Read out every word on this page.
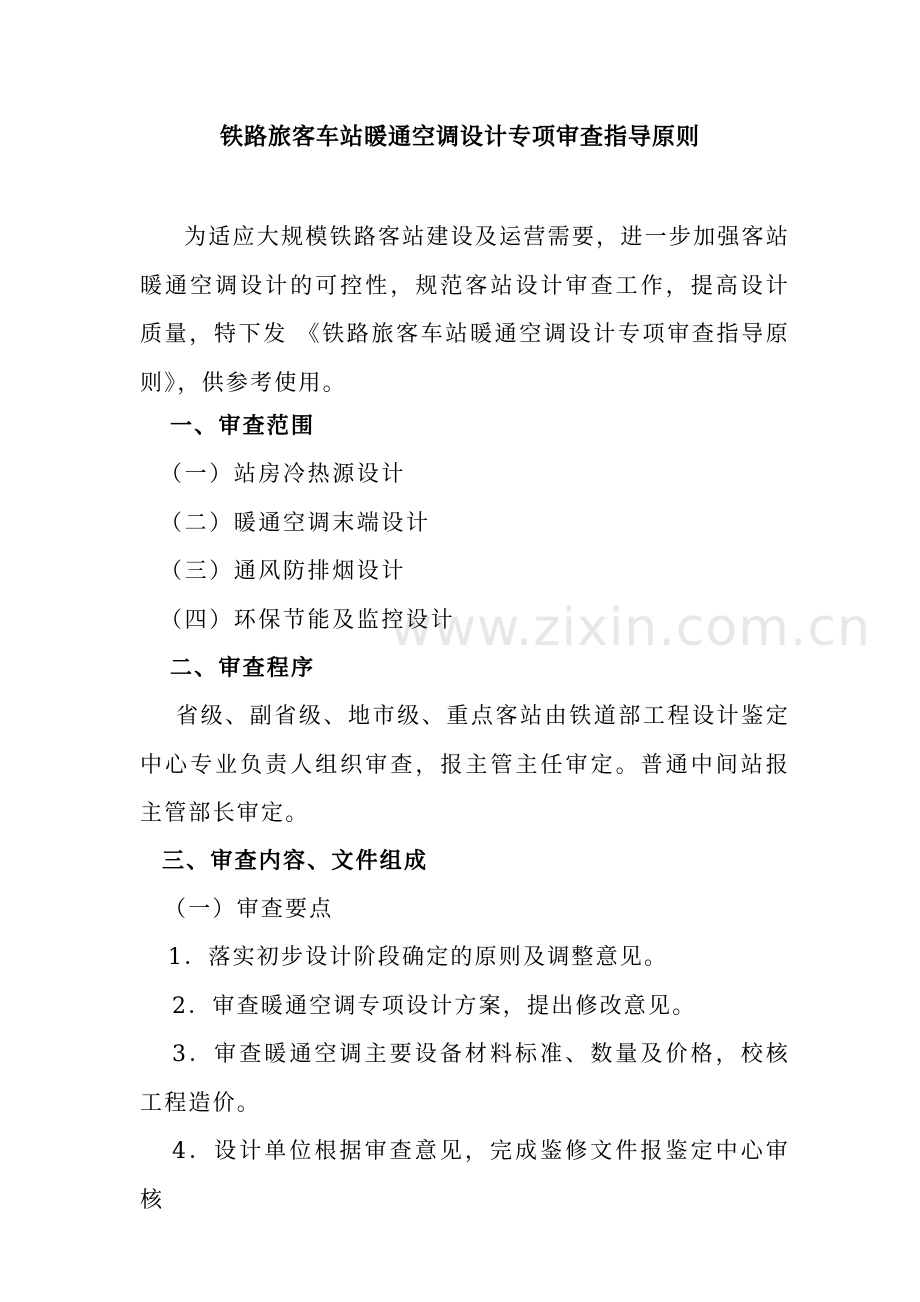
铁路旅客车站暖通空调设计专项审查指导原则

为适应大规模铁路客站建设及运营需要，进一步加强客站暖通空调设计的可控性，规范客站设计审查工作，提高设计质量，特下发 《铁路旅客车站暖通空调设计专项审查指导原则》，供参考使用。

一、审查范围

（一）站房冷热源设计

（二）暖通空调末端设计

（三）通风防排烟设计

（四）环保节能及监控设计

二、审查程序

省级、副省级、地市级、重点客站由铁道部工程设计鉴定中心专业负责人组织审查，报主管主任审定。普通中间站报主管部长审定。

三、审查内容、文件组成

（一）审查要点

1．落实初步设计阶段确定的原则及调整意见。

2．审查暖通空调专项设计方案，提出修改意见。

3．审查暖通空调主要设备材料标准、数量及价格，校核工程造价。

4．设计单位根据审查意见，完成鉴修文件报鉴定中心审核

www.zixin.com.cn
